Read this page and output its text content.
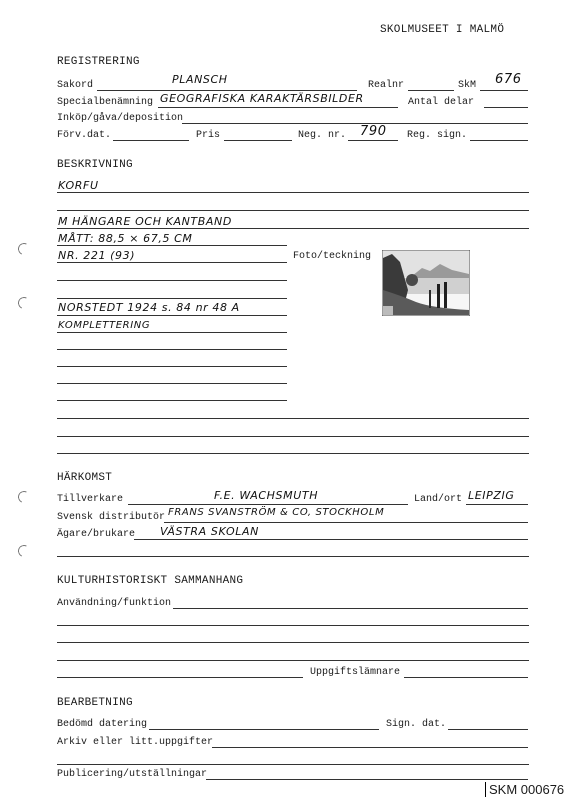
SKOLMUSEET I MALMÖ
REGISTRERING
Sakord	PLANSCH	Realnr	SkM 676
Specialbenämning GEOGRAFISKA KARAKTÄRSBILDER	Antal delar
Inköp/gåva/deposition
Förv.dat.	Pris	Neg. nr. 790 Reg. sign.
BESKRIVNING
KORFU
M HÄNGARE OCH KANTBAND
MÅTT: 88,5 × 67,5 CM
NR. 221 (93)	Foto/teckning
NORSTEDT 1924 s. 84 nr 48 A
KOMPLETTERING
HÄRKOMST
Tillverkare	F.E. WACHSMUTH	Land/ort LEIPZIG
Svensk distributör FRANS SVANSTRÖM & CO, STOCKHOLM
Ägare/brukare VÄSTRA SKOLAN
KULTURHISTORISKT SAMMANHANG
Användning/funktion
Uppgiftslämnare
BEARBETNING
Bedömd datering	Sign. dat.
Arkiv eller litt.uppgifter
Publicering/utställningar
SKM 000676
